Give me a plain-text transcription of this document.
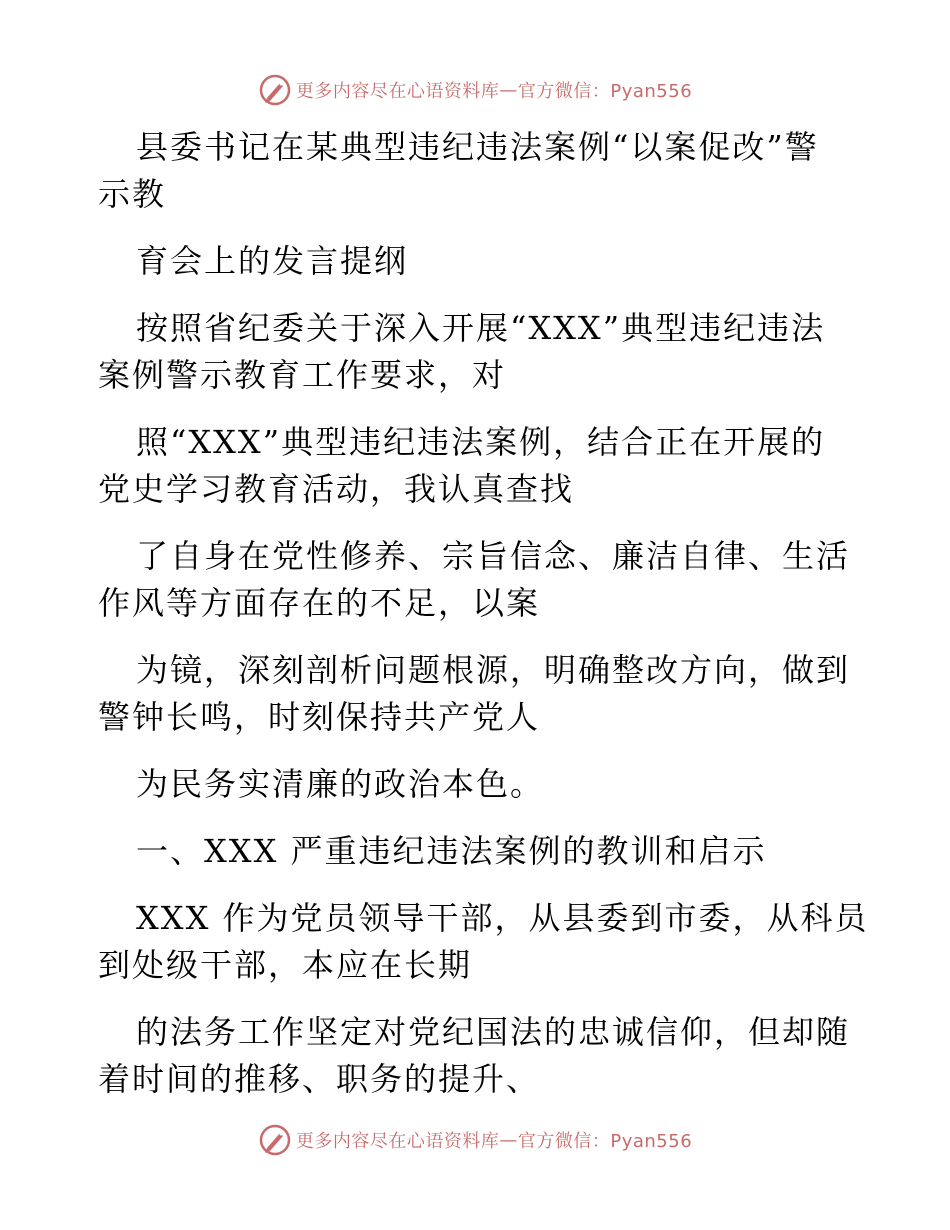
更多内容尽在心语资料库 — 官方微信：Pyan556
县委书记在某典型违纪违法案例“以案促改”警
示教
育会上的发言提纲
按照省纪委关于深入开展“XXX”典型违纪违法
案例警示教育工作要求，对
照“XXX”典型违纪违法案例，结合正在开展的
党史学习教育活动，我认真查找
了自身在党性修养、宗旨信念、廉洁自律、生活
作风等方面存在的不足，以案
为镜，深刻剖析问题根源，明确整改方向，做到
警钟长鸣，时刻保持共产党人
为民务实清廉的政治本色。
一、XXX 严重违纪违法案例的教训和启示
XXX 作为党员领导干部，从县委到市委，从科员
到处级干部，本应在长期
的法务工作坚定对党纪国法的忠诚信仰，但却随
着时间的推移、职务的提升、
更多内容尽在心语资料库 — 官方微信：Pyan556
